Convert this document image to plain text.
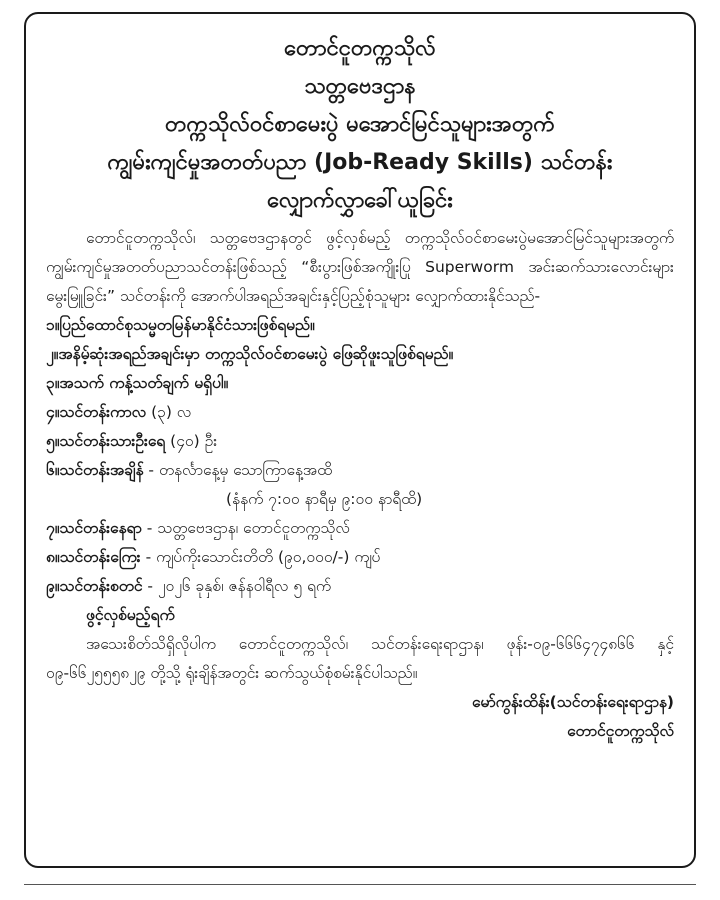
တောင်ငူတက္ကသိုလ်
သတ္တဗေဒဌာန
တက္ကသိုလ်ဝင်စာမေးပွဲ မအောင်မြင်သူများအတွက်
ကျွမ်းကျင်မှုအတတ်ပညာ (Job-Ready Skills) သင်တန်း
လျှောက်လွှာခေါ်ယူခြင်း

တောင်ငူတက္ကသိုလ်၊ သတ္တဗေဒဌာနတွင် ဖွင့်လှစ်မည့် တက္ကသိုလ်ဝင်စာမေးပွဲမအောင်မြင်သူများအတွက် ကျွမ်းကျင်မှုအတတ်ပညာသင်တန်းဖြစ်သည့် “စီးပွားဖြစ်အကျိုးပြု Superworm အင်းဆက်သားလောင်းများ မွေးမြူခြင်း” သင်တန်းကို အောက်ပါအရည်အချင်းနှင့်ပြည့်စုံသူများ လျှောက်ထားနိုင်သည်-

၁။ပြည်ထောင်စုသမ္မတမြန်မာနိုင်ငံသားဖြစ်ရမည်။
၂။အနိမ့်ဆုံးအရည်အချင်းမှာ တက္ကသိုလ်ဝင်စာမေးပွဲ ဖြေဆိုဖူးသူဖြစ်ရမည်။
၃။အသက် ကန့်သတ်ချက် မရှိပါ။
၄။သင်တန်းကာလ (၃) လ
၅။သင်တန်းသားဦးရေ (၄၀) ဦး
၆။သင်တန်းအချိန် - တနင်္လာနေ့မှ သောကြာနေ့အထိ
(နံနက် ၇:၀၀ နာရီမှ ၉:၀၀ နာရီထိ)
၇။သင်တန်းနေရာ - သတ္တဗေဒဌာန၊ တောင်ငူတက္ကသိုလ်
၈။သင်တန်းကြေး - ကျပ်ကိုးသောင်းတိတိ (၉၀,၀၀၀/-) ကျပ်
၉။သင်တန်းစတင် - ၂၀၂၆ ခုနှစ်၊ ဇန်နဝါရီလ ၅ ရက်
ဖွင့်လှစ်မည့်ရက်

အသေးစိတ်သိရှိလိုပါက တောင်ငူတက္ကသိုလ်၊ သင်တန်းရေးရာဌာန၊ ဖုန်း-၀၉-၆၆၆၄၇၄၈၆၆ နှင့် ၀၉-၆၆၂၅၅၅၈၂၉ တို့သို့ ရုံးချိန်အတွင်း ဆက်သွယ်စုံစမ်းနိုင်ပါသည်။

မော်ကွန်းထိန်း(သင်တန်းရေးရာဌာန)
တောင်ငူတက္ကသိုလ်
